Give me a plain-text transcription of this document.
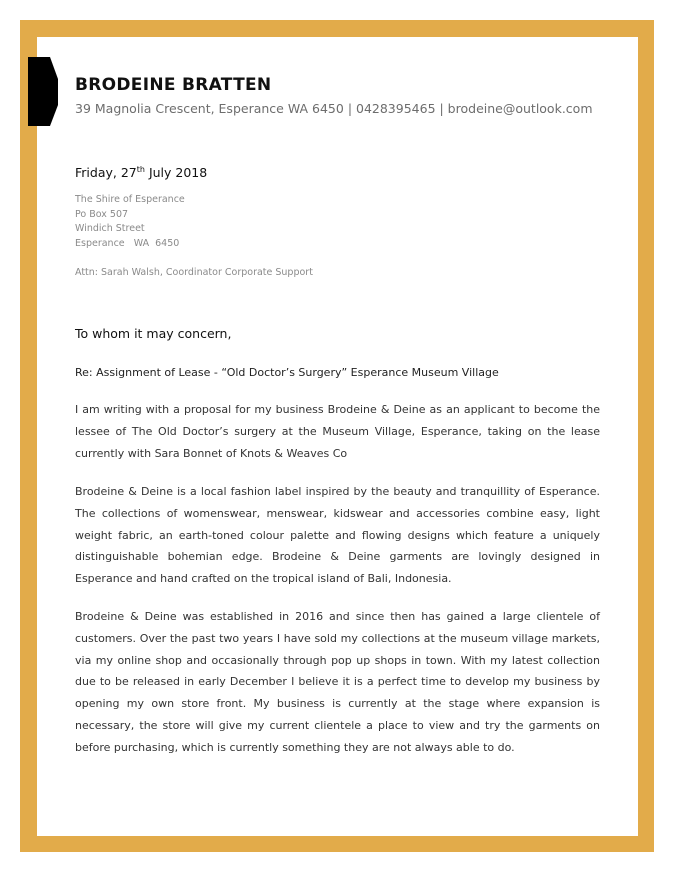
BRODEINE BRATTEN
39 Magnolia Crescent, Esperance WA 6450 | 0428395465 | brodeine@outlook.com
Friday, 27th July 2018
The Shire of Esperance
Po Box 507
Windich Street
Esperance   WA  6450
Attn: Sarah Walsh, Coordinator Corporate Support
To whom it may concern,
Re: Assignment of Lease - “Old Doctor’s Surgery” Esperance Museum Village

I am writing with a proposal for my business Brodeine & Deine as an applicant to become the lessee of The Old Doctor’s surgery at the Museum Village, Esperance, taking on the lease currently with Sara Bonnet of Knots & Weaves Co

Brodeine & Deine is a local fashion label inspired by the beauty and tranquillity of Esperance. The collections of womenswear, menswear, kidswear and accessories combine easy, light weight fabric, an earth-toned colour palette and flowing designs which feature a uniquely distinguishable bohemian edge. Brodeine & Deine garments are lovingly designed in Esperance and hand crafted on the tropical island of Bali, Indonesia.

Brodeine & Deine was established in 2016 and since then has gained a large clientele of customers. Over the past two years I have sold my collections at the museum village markets, via my online shop and occasionally through pop up shops in town. With my latest collection due to be released in early December I believe it is a perfect time to develop my business by opening my own store front. My business is currently at the stage where expansion is necessary, the store will give my current clientele a place to view and try the garments on before purchasing, which is currently something they are not always able to do.
